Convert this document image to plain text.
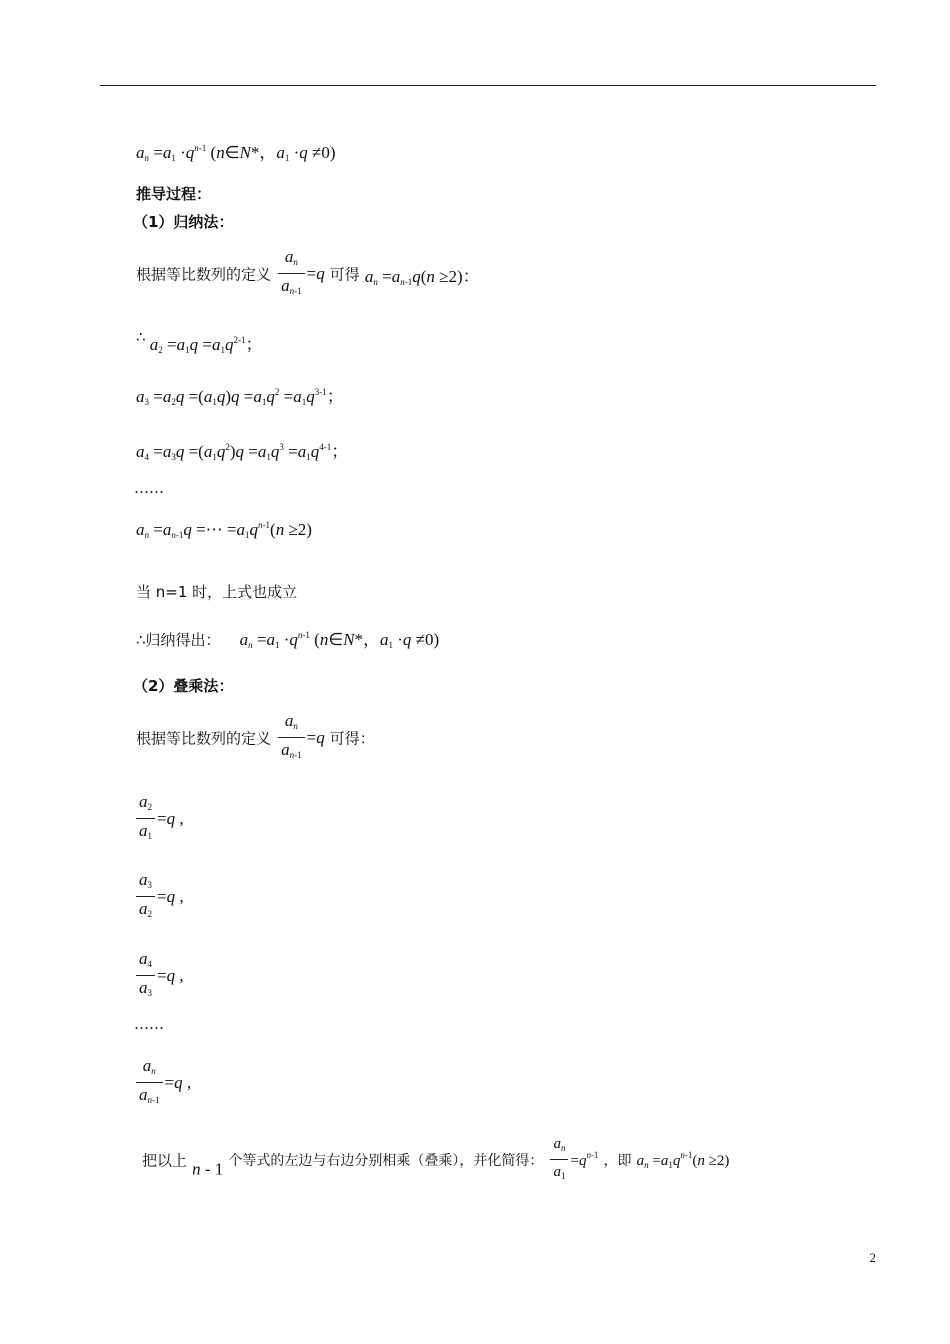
$a_n =a_1 \cdot q^{n-1}$ (n∈N*，$a_1 \cdot q \ne 0$)
推导过程：
（1）归纳法：
根据等比数列的定义 $\frac{a_n}{a_{n-1}} =q$ 可得 $a_n =a_{n-1}q(n \ge 2)$：
∴ $a_2 =a_1q =a_1q^{2-1}$；
$a_3 =a_2q =(a_1q)q =a_1q^2 =a_1q^{3-1}$；
$a_4 =a_3q =(a_1q^2)q =a_1q^3 =a_1q^{4-1}$；
……
$a_n =a_{n-1}q$ =⋯ $=a_1q^{n-1}(n \ge 2)$
当 n=1 时，上式也成立
∴归纳得出： $a_n =a_1 \cdot q^{n-1}$ (n∈N*，$a_1 \cdot q \ne 0$)
（2）叠乘法：
根据等比数列的定义 $\frac{a_n}{a_{n-1}} =q$ 可得：
$\frac{a_2}{a_1} =q$ ,
$\frac{a_3}{a_2} =q$ ,
$\frac{a_4}{a_3} =q$ ,
……
$\frac{a_n}{a_{n-1}} =q$ ,
把以上 n - 1 个等式的左边与右边分别相乘（叠乘），并化简得： $\frac{a_n}{a_1} =q^{n-1}$ ，即 $a_n =a_1q^{n-1}(n \ge 2)$
2
